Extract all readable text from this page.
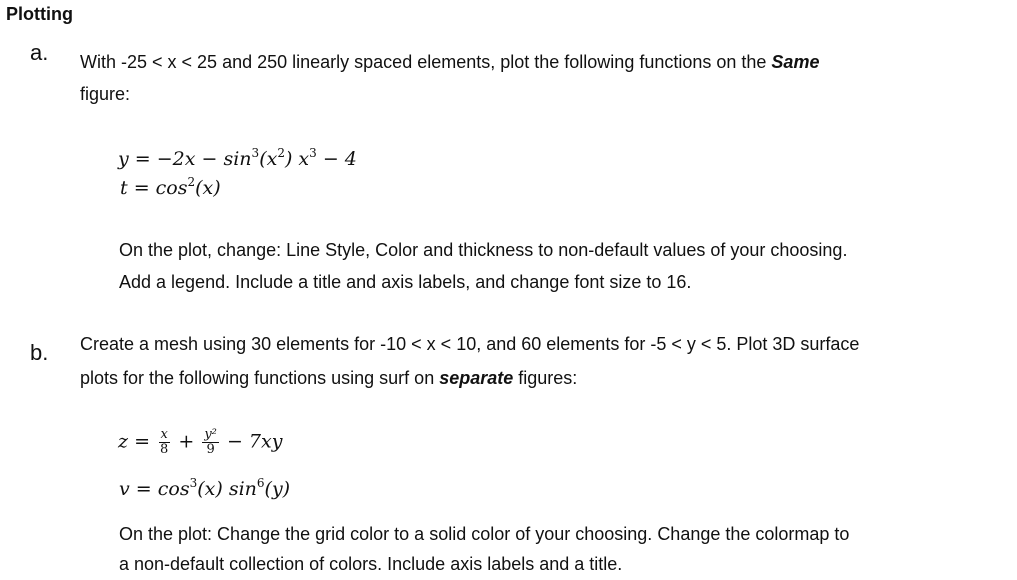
Plotting
a. With -25 < x < 25 and 250 linearly spaced elements, plot the following functions on the Same
figure:
$y = -2x - \sin^3(x^2) x^3 - 4$
$t = \cos^2(x)$
On the plot, change: Line Style, Color and thickness to non-default values of your choosing.
Add a legend. Include a title and axis labels, and change font size to 16.
b. Create a mesh using 30 elements for -10 < x < 10, and 60 elements for -5 < y < 5. Plot 3D surface
plots for the following functions using surf on separate figures:
$z = \frac{x}{8} + \frac{\text{y²}}{9} - 7xy$
$v = \cos^3(x)$ $\sin^6(y)$
On the plot: Change the grid color to a solid color of your choosing. Change the colormap to
a non-default collection of colors. Include axis labels and a title.
